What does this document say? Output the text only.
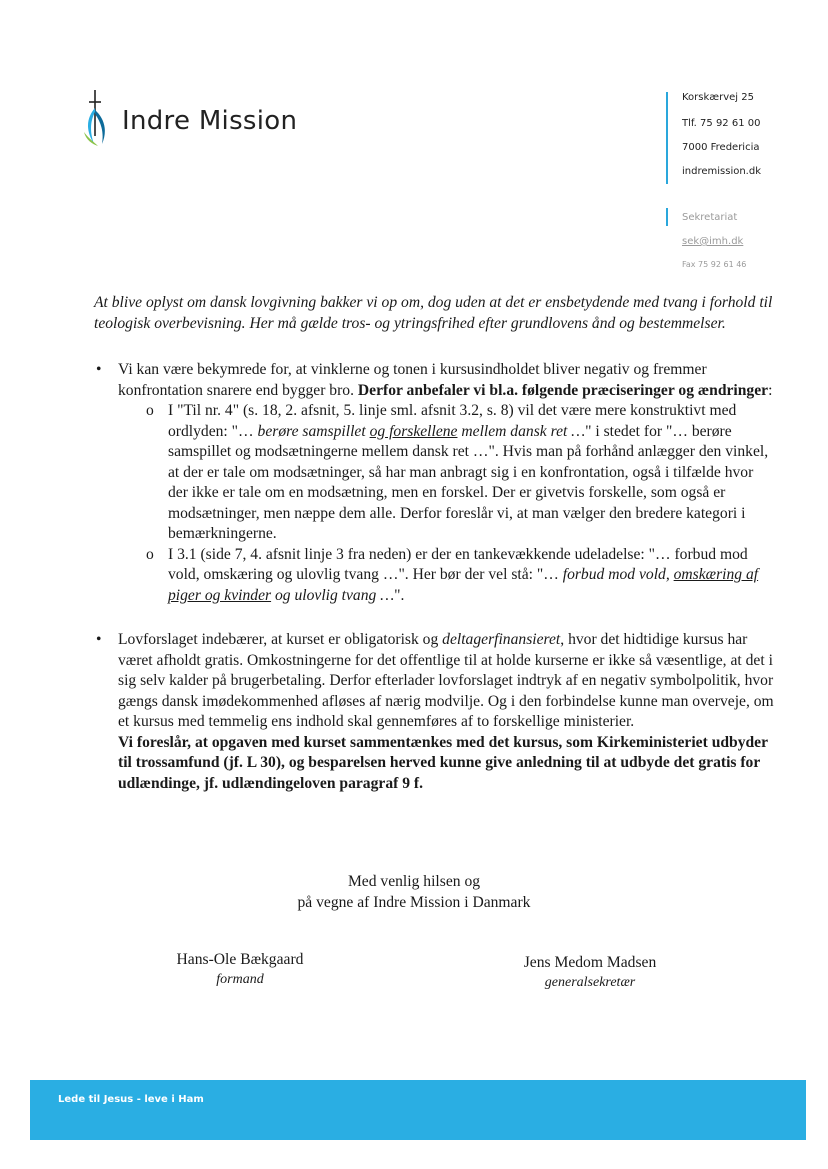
Indre Mission
Korskærvej 25
Tlf. 75 92 61 00
7000 Fredericia
indremission.dk
Sekretariat
sek@imh.dk
Fax 75 92 61 46

At blive oplyst om dansk lovgivning bakker vi op om, dog uden at det er ensbetydende med tvang i forhold til teologisk overbevisning. Her må gælde tros- og ytringsfrihed efter grundlovens ånd og bestemmelser.

• Vi kan være bekymrede for, at vinklerne og tonen i kursusindholdet bliver negativ og fremmer konfrontation snarere end bygger bro. Derfor anbefaler vi bl.a. følgende præciseringer og ændringer:

o I "Til nr. 4" (s. 18, 2. afsnit, 5. linje sml. afsnit 3.2, s. 8) vil det være mere konstruktivt med ordlyden: "… berøre samspillet og forskellene mellem dansk ret …" i stedet for "… berøre samspillet og modsætningerne mellem dansk ret …". Hvis man på forhånd anlægger den vinkel, at der er tale om modsætninger, så har man anbragt sig i en konfrontation, også i tilfælde hvor der ikke er tale om en modsætning, men en forskel. Der er givetvis forskelle, som også er modsætninger, men næppe dem alle. Derfor foreslår vi, at man vælger den bredere kategori i bemærkningerne.

o I 3.1 (side 7, 4. afsnit linje 3 fra neden) er der en tankevækkende udeladelse: "… forbud mod vold, omskæring og ulovlig tvang …". Her bør der vel stå: "… forbud mod vold, omskæring af piger og kvinder og ulovlig tvang …".

• Lovforslaget indebærer, at kurset er obligatorisk og deltagerfinansieret, hvor det hidtidige kursus har været afholdt gratis. Omkostningerne for det offentlige til at holde kurserne er ikke så væsentlige, at det i sig selv kalder på brugerbetaling. Derfor efterlader lovforslaget indtryk af en negativ symbolpolitik, hvor gængs dansk imødekommenhed afløses af nærig modvilje. Og i den forbindelse kunne man overveje, om et kursus med temmelig ens indhold skal gennemføres af to forskellige ministerier.

Vi foreslår, at opgaven med kurset sammentænkes med det kursus, som Kirkeministeriet udbyder til trossamfund (jf. L 30), og besparelsen herved kunne give anledning til at udbyde det gratis for udlændinge, jf. udlændingeloven paragraf 9 f.

Med venlig hilsen og
på vegne af Indre Mission i Danmark
Hans-Ole Bækgaard
formand
Jens Medom Madsen
generalsekretær
Lede til Jesus - leve i Ham
